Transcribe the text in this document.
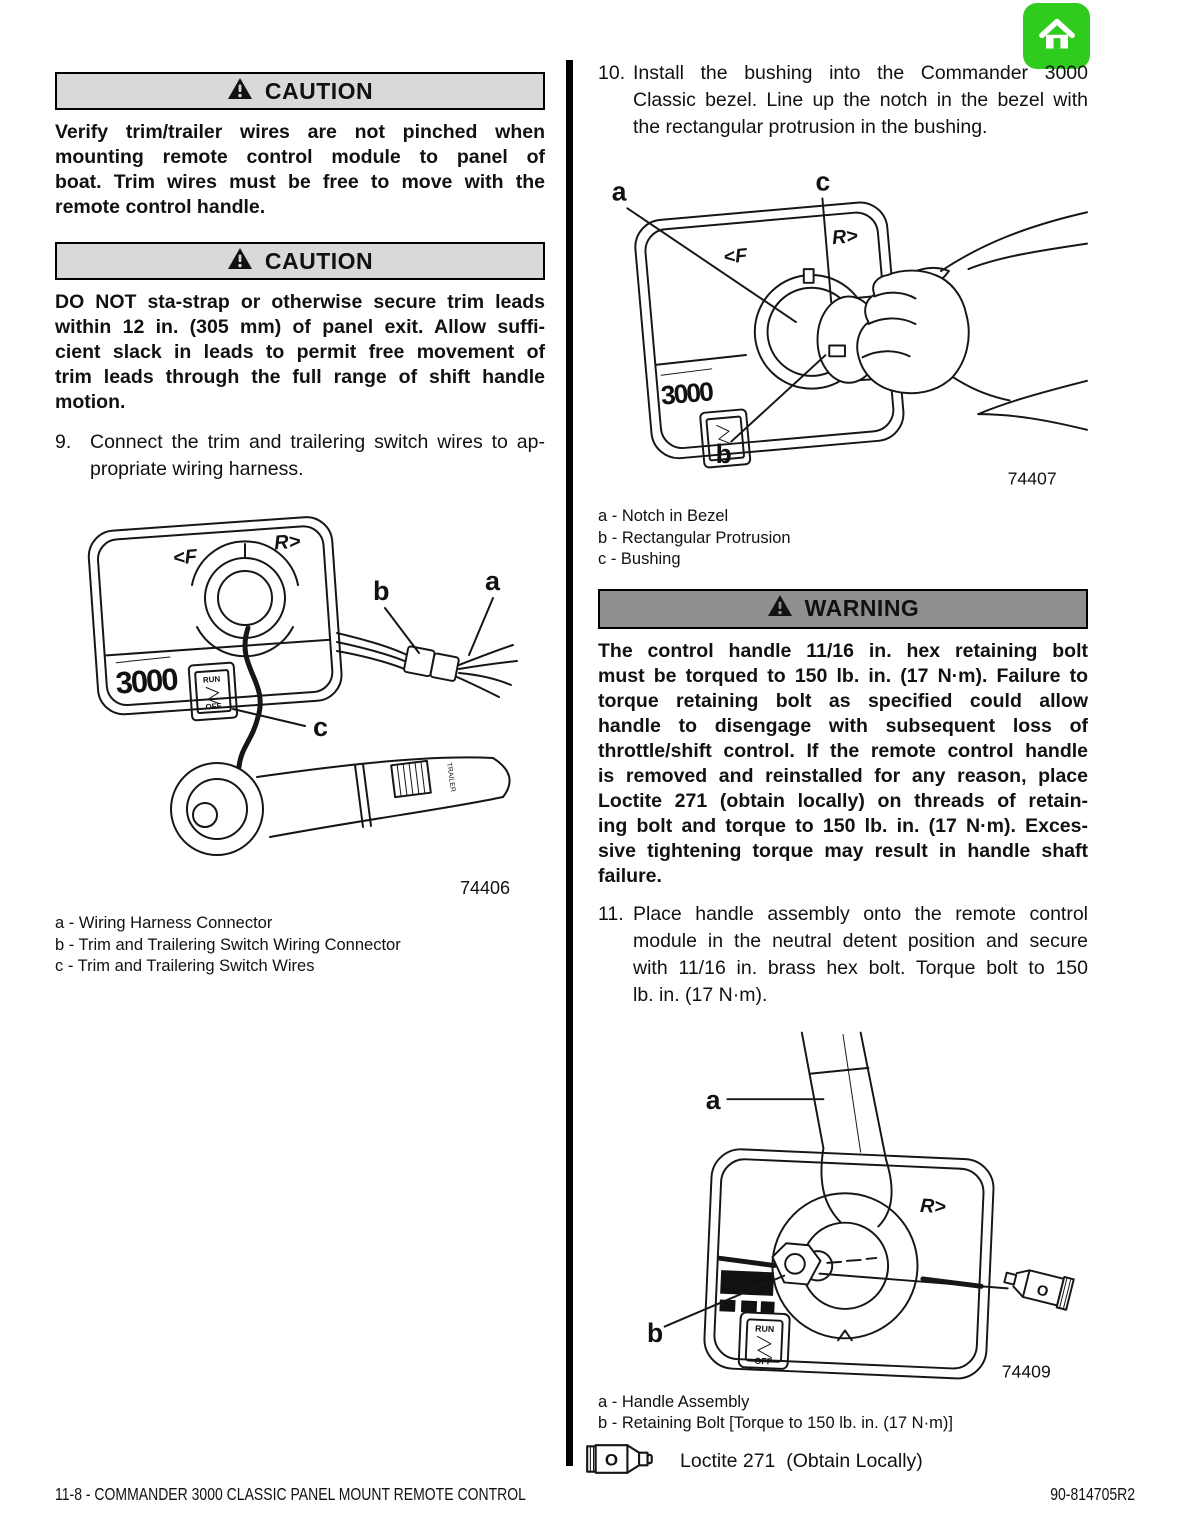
CAUTION
Verify trim/trailer wires are not pinched when
mounting remote control module to panel of
boat. Trim wires must be free to move with the
remote control handle.
CAUTION
DO NOT sta-strap or otherwise secure trim leads
within 12 in. (305 mm) of panel exit. Allow suffi-
cient slack in leads to permit free movement of
trim leads through the full range of shift handle
motion.
9. Connect the trim and trailering switch wires to ap-
propriate wiring harness.
<F
R>
3000	RUN
OFF
TRAILER
b	a
c
74406
a - Wiring Harness Connector
b - Trim and Trailering Switch Wiring Connector
c - Trim and Trailering Switch Wires
10. Install the bushing into the Commander 3000
Classic bezel. Line up the notch in the bezel with
the rectangular protrusion in the bushing.
<F
R>
3000
a	c
b
74407
a - Notch in Bezel
b - Rectangular Protrusion
c - Bushing
WARNING
The control handle 11/16 in. hex retaining bolt
must be torqued to 150 lb. in. (17 N·m). Failure to
torque retaining bolt as specified could allow
handle to disengage with subsequent loss of
throttle/shift control. If the remote control handle
is removed and reinstalled for any reason, place
Loctite 271 (obtain locally) on threads of retain-
ing bolt and torque to 150 lb. in. (17 N·m). Exces-
sive tightening torque may result in handle shaft
failure.
11. Place handle assembly onto the remote control
module in the neutral detent position and secure
with 11/16 in. brass hex bolt. Torque bolt to 150
lb. in. (17 N·m).
R>
RUN
OFF
O
a
b
74409
a - Handle Assembly
b - Retaining Bolt [Torque to 150 lb. in. (17 N·m)]
O	Loctite 271  (Obtain Locally)
11-8 - COMMANDER 3000 CLASSIC PANEL MOUNT REMOTE CONTROL	90-814705R2
